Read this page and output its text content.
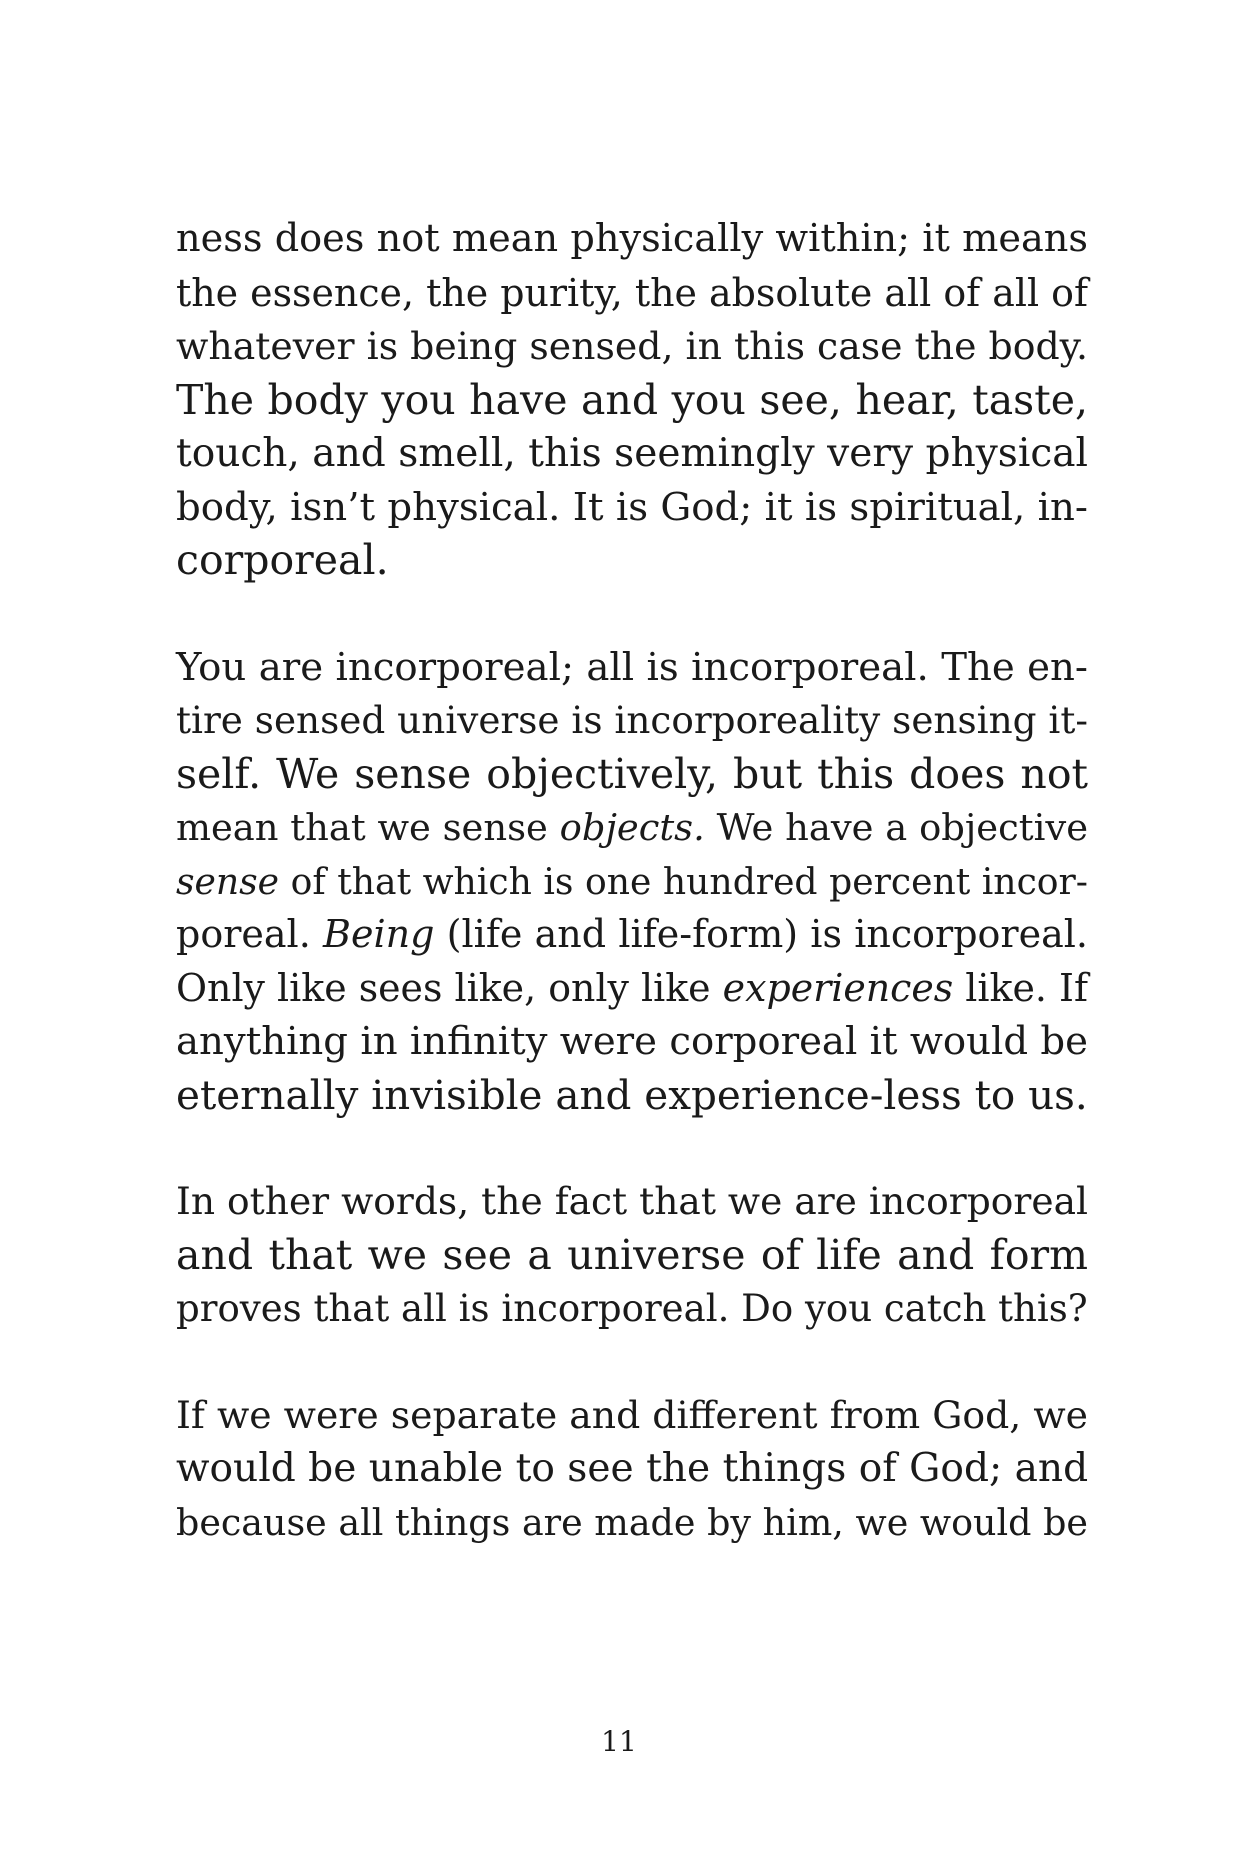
ness does not mean physically within; it means
the essence, the purity, the absolute all of all of
whatever is being sensed, in this case the body.
The body you have and you see, hear, taste,
touch, and smell, this seemingly very physical
body, isn’t physical. It is God; it is spiritual, in-
corporeal.
You are incorporeal; all is incorporeal. The en-
tire sensed universe is incorporeality sensing it-
self. We sense objectively, but this does not
mean that we sense objects. We have a objective
sense of that which is one hundred percent incor-
poreal. Being (life and life-form) is incorporeal.
Only like sees like, only like experiences like. If
anything in infinity were corporeal it would be
eternally invisible and experience-less to us.
In other words, the fact that we are incorporeal
and that we see a universe of life and form
proves that all is incorporeal. Do you catch this?
If we were separate and different from God, we
would be unable to see the things of God; and
because all things are made by him, we would be
11
